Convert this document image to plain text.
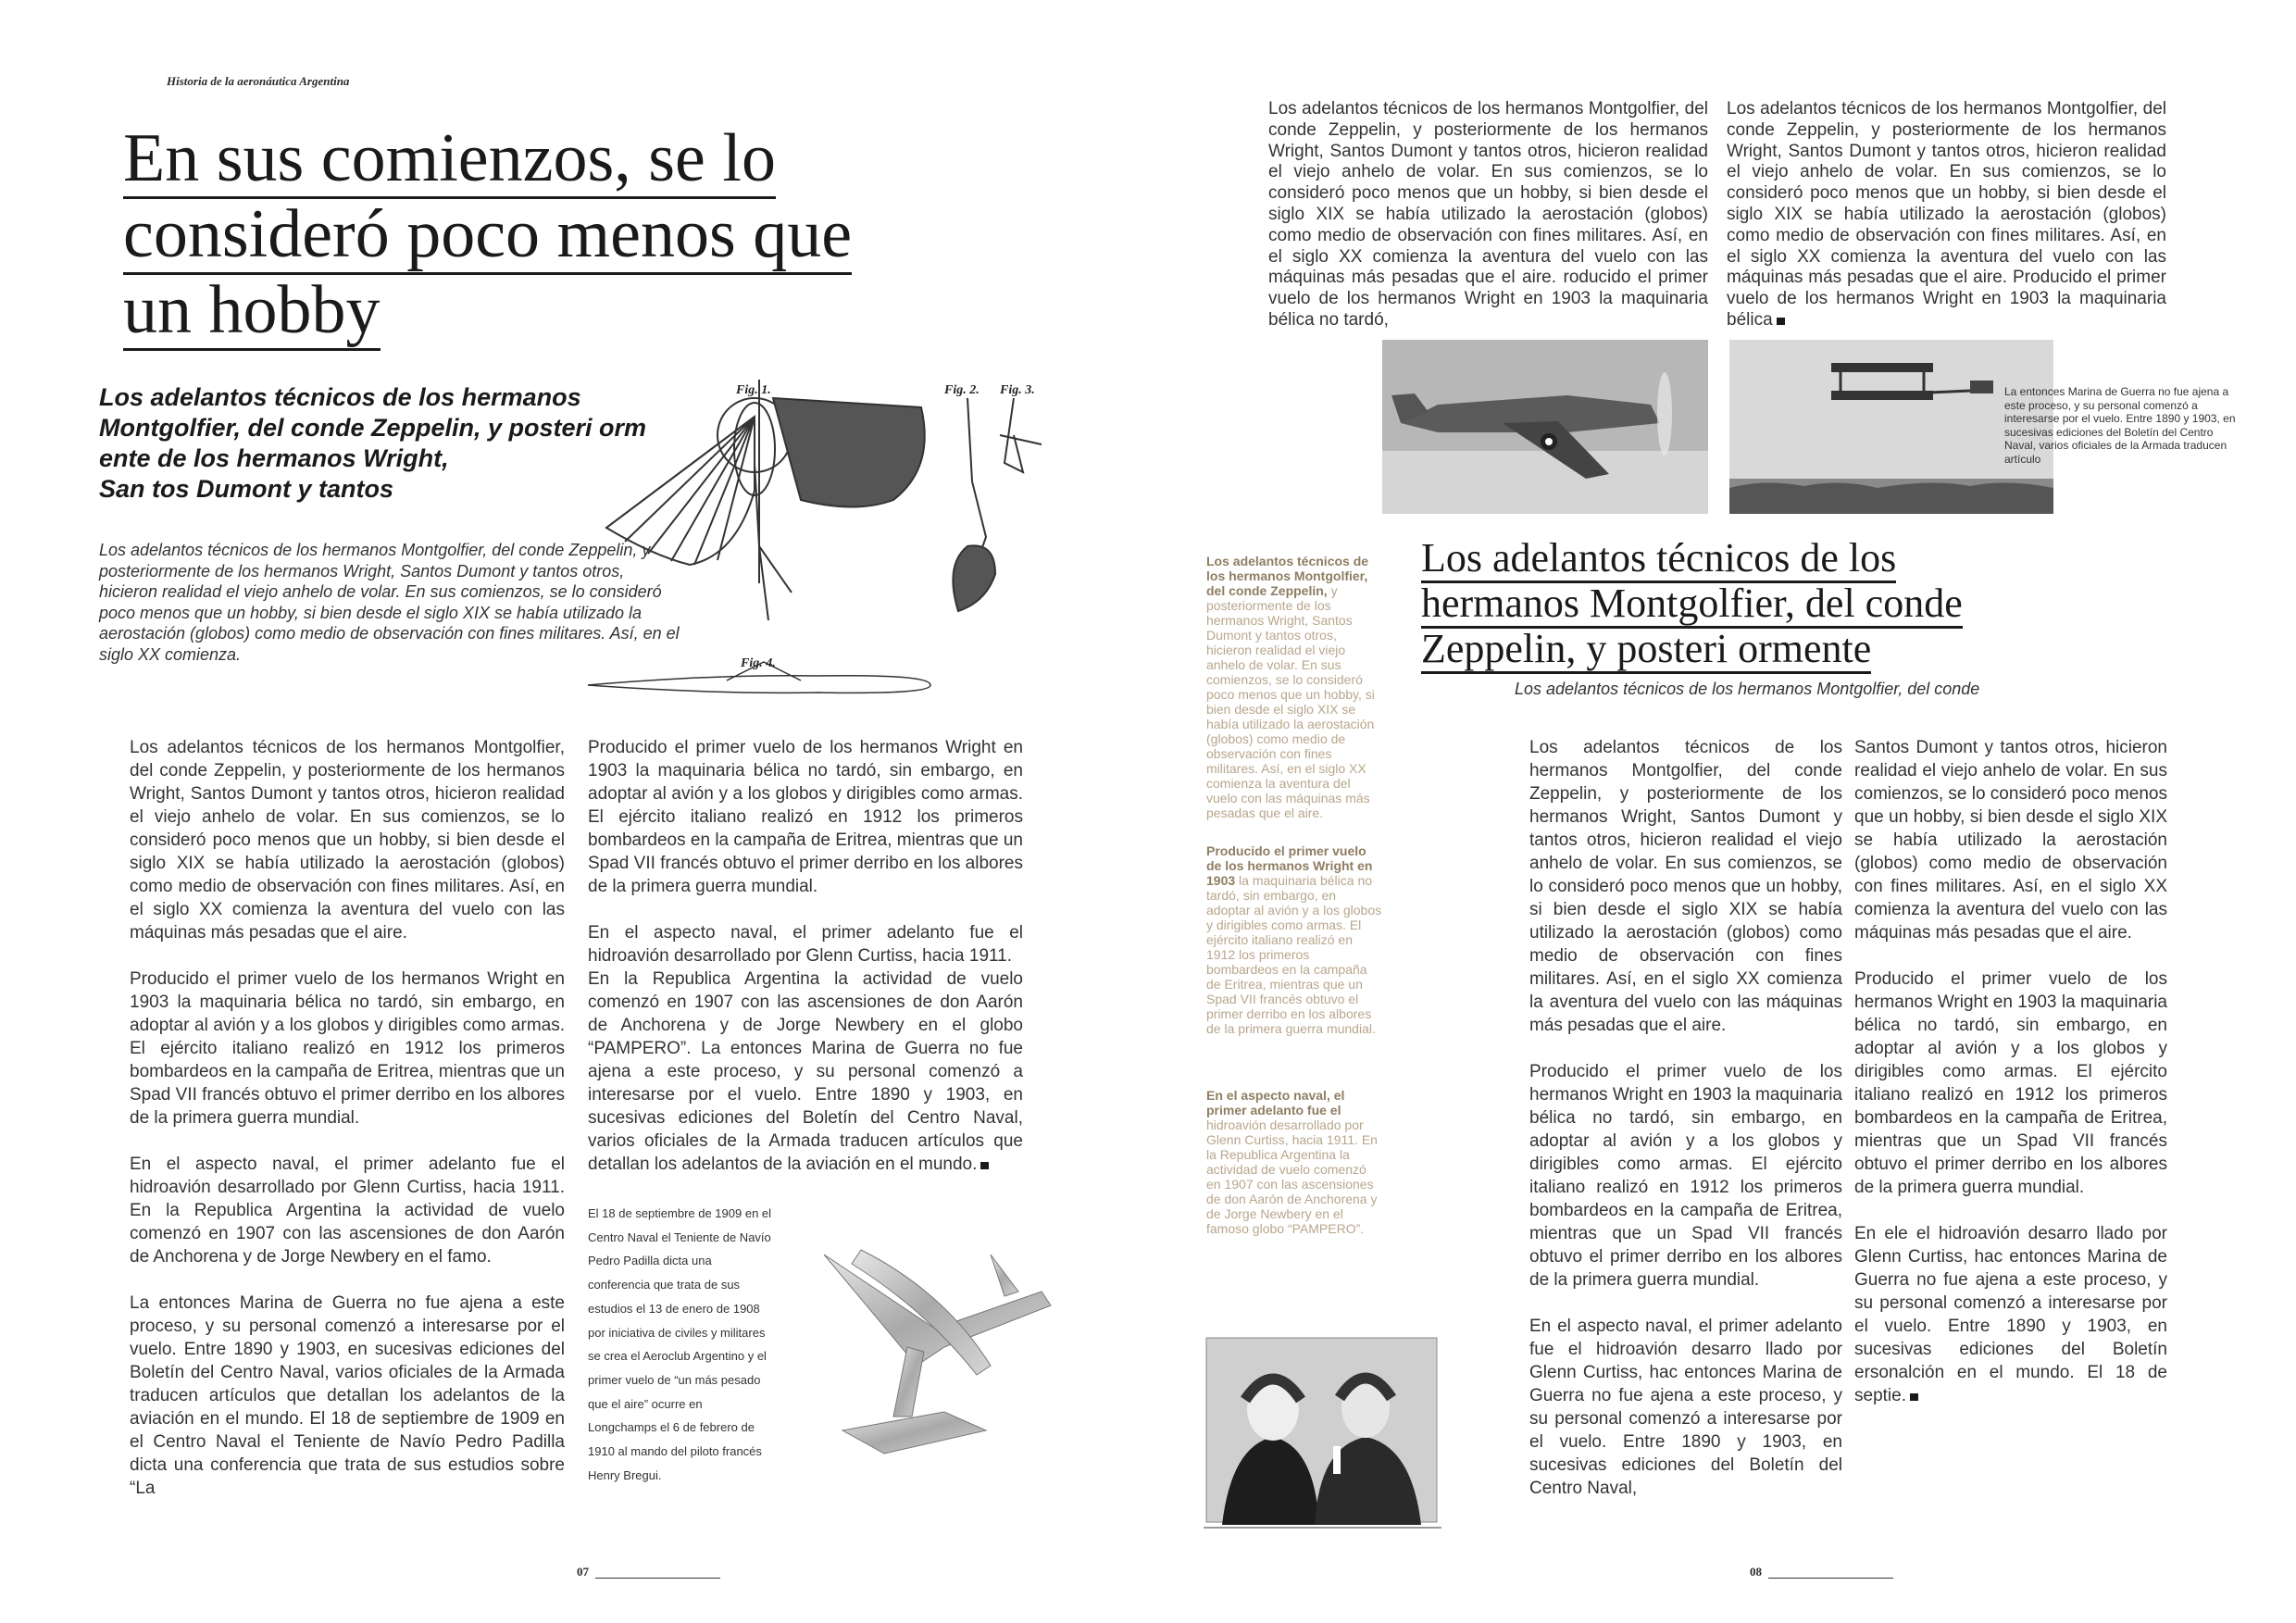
Historia de la aeronáutica Argentina
En sus comienzos, se lo
consideró poco menos que
un hobby
Fig. 1.	Fig. 2. Fig. 3.
Fig. 4.
Los adelantos técnicos de los hermanos
Montgolfier, del conde Zeppelin, y posteri orm
ente de los hermanos Wright,
San tos Dumont y tantos
Los adelantos técnicos de los hermanos Montgolfier, del conde Zeppelin, y posteriormente de los hermanos Wright, Santos Dumont y tantos otros, hicieron realidad el viejo anhelo de volar. En sus comienzos, se lo consideró poco menos que un hobby, si bien desde el siglo XIX se había utilizado la aerostación (globos) como medio de observación con fines militares. Así, en el siglo XX comienza.

Los adelantos técnicos de los hermanos Montgolfier, del conde Zeppelin, y posteriormente de los hermanos Wright, Santos Dumont y tantos otros, hicieron realidad el viejo anhelo de volar. En sus comienzos, se lo consideró poco menos que un hobby, si bien desde el siglo XIX se había utilizado la aerostación (globos) como medio de observación con fines militares. Así, en el siglo XX comienza la aventura del vuelo con las máquinas más pesadas que el aire.

Producido el primer vuelo de los hermanos Wright en 1903 la maquinaria bélica no tardó, sin embargo, en adoptar al avión y a los globos y dirigibles como armas. El ejército italiano realizó en 1912 los primeros bombardeos en la campaña de Eritrea, mientras que un Spad VII francés obtuvo el primer derribo en los albores de la primera guerra mundial.

En el aspecto naval, el primer adelanto fue el hidroavión desarrollado por Glenn Curtiss, hacia 1911. En la Republica Argentina la actividad de vuelo comenzó en 1907 con las ascensiones de don Aarón de Anchorena y de Jorge Newbery en el famo.

La entonces Marina de Guerra no fue ajena a este proceso, y su personal comenzó a interesarse por el vuelo. Entre 1890 y 1903, en sucesivas ediciones del Boletín del Centro Naval, varios oficiales de la Armada traducen artículos que detallan los adelantos de la aviación en el mundo. El 18 de septiembre de 1909 en el Centro Naval el Teniente de Navío Pedro Padilla dicta una conferencia que trata de sus estudios sobre “La

Producido el primer vuelo de los hermanos Wright en 1903 la maquinaria bélica no tardó, sin embargo, en adoptar al avión y a los globos y dirigibles como armas. El ejército italiano realizó en 1912 los primeros bombardeos en la campaña de Eritrea, mientras que un Spad VII francés obtuvo el primer derribo en los albores de la primera guerra mundial.

En el aspecto naval, el primer adelanto fue el hidroavión desarrollado por Glenn Curtiss, hacia 1911.

En la Republica Argentina la actividad de vuelo comenzó en 1907 con las ascensiones de don Aarón de Anchorena y de Jorge Newbery en el globo “PAMPERO”. La entonces Marina de Guerra no fue ajena a este proceso, y su personal comenzó a interesarse por el vuelo. Entre 1890 y 1903, en sucesivas ediciones del Boletín del Centro Naval, varios oficiales de la Armada traducen artículos que detallan los adelantos de la aviación en el mundo.

El 18 de septiembre de 1909 en el Centro Naval el Teniente de Navío Pedro Padilla dicta una conferencia que trata de sus estudios el 13 de enero de 1908 por iniciativa de civiles y militares se crea el Aeroclub Argentino y el primer vuelo de “un más pesado que el aire” ocurre en Longchamps el 6 de febrero de 1910 al mando del piloto francés Henry Bregui.
07
Los adelantos técnicos de los hermanos Montgolfier, del conde Zeppelin, y posteriormente de los hermanos Wright, Santos Dumont y tantos otros, hicieron realidad el viejo anhelo de volar. En sus comienzos, se lo consideró poco menos que un hobby, si bien desde el siglo XIX se había utilizado la aerostación (globos) como medio de observación con fines militares. Así, en el siglo XX comienza la aventura del vuelo con las máquinas más pesadas que el aire. roducido el primer vuelo de los hermanos Wright en 1903 la maquinaria bélica no tardó,
Los adelantos técnicos de los hermanos Montgolfier, del conde Zeppelin, y posteriormente de los hermanos Wright, Santos Dumont y tantos otros, hicieron realidad el viejo anhelo de volar. En sus comienzos, se lo consideró poco menos que un hobby, si bien desde el siglo XIX se había utilizado la aerostación (globos) como medio de observación con fines militares. Así, en el siglo XX comienza la aventura del vuelo con las máquinas más pesadas que el aire. Producido el primer vuelo de los hermanos Wright en 1903 la maquinaria bélica
La entonces Marina de Guerra no fue ajena a este proceso, y su personal comenzó a interesarse por el vuelo. Entre 1890 y 1903, en sucesivas ediciones del Boletín del Centro Naval, varios oficiales de la Armada traducen artículo

Los adelantos técnicos de los hermanos Montgolfier, del conde Zeppelin, y posteriormente de los hermanos Wright, Santos Dumont y tantos otros, hicieron realidad el viejo anhelo de volar. En sus comienzos, se lo consideró poco menos que un hobby, si bien desde el siglo XIX se había utilizado la aerostación (globos) como medio de observación con fines militares. Así, en el siglo XX comienza la aventura del vuelo con las máquinas más pesadas que el aire.

Producido el primer vuelo de los hermanos Wright en 1903 la maquinaria bélica no tardó, sin embargo, en adoptar al avión y a los globos y dirigibles como armas. El ejército italiano realizó en 1912 los primeros bombardeos en la campaña de Eritrea, mientras que un Spad VII francés obtuvo el primer derribo en los albores de la primera guerra mundial.

En el aspecto naval, el primer adelanto fue el hidroavión desarrollado por Glenn Curtiss, hacia 1911. En la Republica Argentina la actividad de vuelo comenzó en 1907 con las ascensiones de don Aarón de Anchorena y de Jorge Newbery en el famoso globo “PAMPERO”.

Los adelantos técnicos de los
hermanos Montgolfier, del conde
Zeppelin, y posteri ormente
Los adelantos técnicos de los hermanos Montgolfier, del conde

Los adelantos técnicos de los hermanos Montgolfier, del conde Zeppelin, y posteriormente de los hermanos Wright, Santos Dumont y tantos otros, hicieron realidad el viejo anhelo de volar. En sus comienzos, se lo consideró poco menos que un hobby, si bien desde el siglo XIX se había utilizado la aerostación (globos) como medio de observación con fines militares. Así, en el siglo XX comienza la aventura del vuelo con las máquinas más pesadas que el aire.

Producido el primer vuelo de los hermanos Wright en 1903 la maquinaria bélica no tardó, sin embargo, en adoptar al avión y a los globos y dirigibles como armas. El ejército italiano realizó en 1912 los primeros bombardeos en la campaña de Eritrea, mientras que un Spad VII francés obtuvo el primer derribo en los albores de la primera guerra mundial.

En el aspecto naval, el primer adelanto fue el hidroavión desarro llado por Glenn Curtiss, hac entonces Marina de Guerra no fue ajena a este proceso, y su personal comenzó a interesarse por el vuelo. Entre 1890 y 1903, en sucesivas ediciones del Boletín del Centro Naval,

Santos Dumont y tantos otros, hicieron realidad el viejo anhelo de volar. En sus comienzos, se lo consideró poco menos que un hobby, si bien desde el siglo XIX se había utilizado la aerostación (globos) como medio de observación con fines militares. Así, en el siglo XX comienza la aventura del vuelo con las máquinas más pesadas que el aire.

Producido el primer vuelo de los hermanos Wright en 1903 la maquinaria bélica no tardó, sin embargo, en adoptar al avión y a los globos y dirigibles como armas. El ejército italiano realizó en 1912 los primeros bombardeos en la campaña de Eritrea, mientras que un Spad VII francés obtuvo el primer derribo en los albores de la primera guerra mundial.

En ele el hidroavión desarro llado por Glenn Curtiss, hac entonces Marina de Guerra no fue ajena a este proceso, y su personal comenzó a interesarse por el vuelo. Entre 1890 y 1903, en sucesivas ediciones del Boletín ersonalción en el mundo. El 18 de septie.

08
